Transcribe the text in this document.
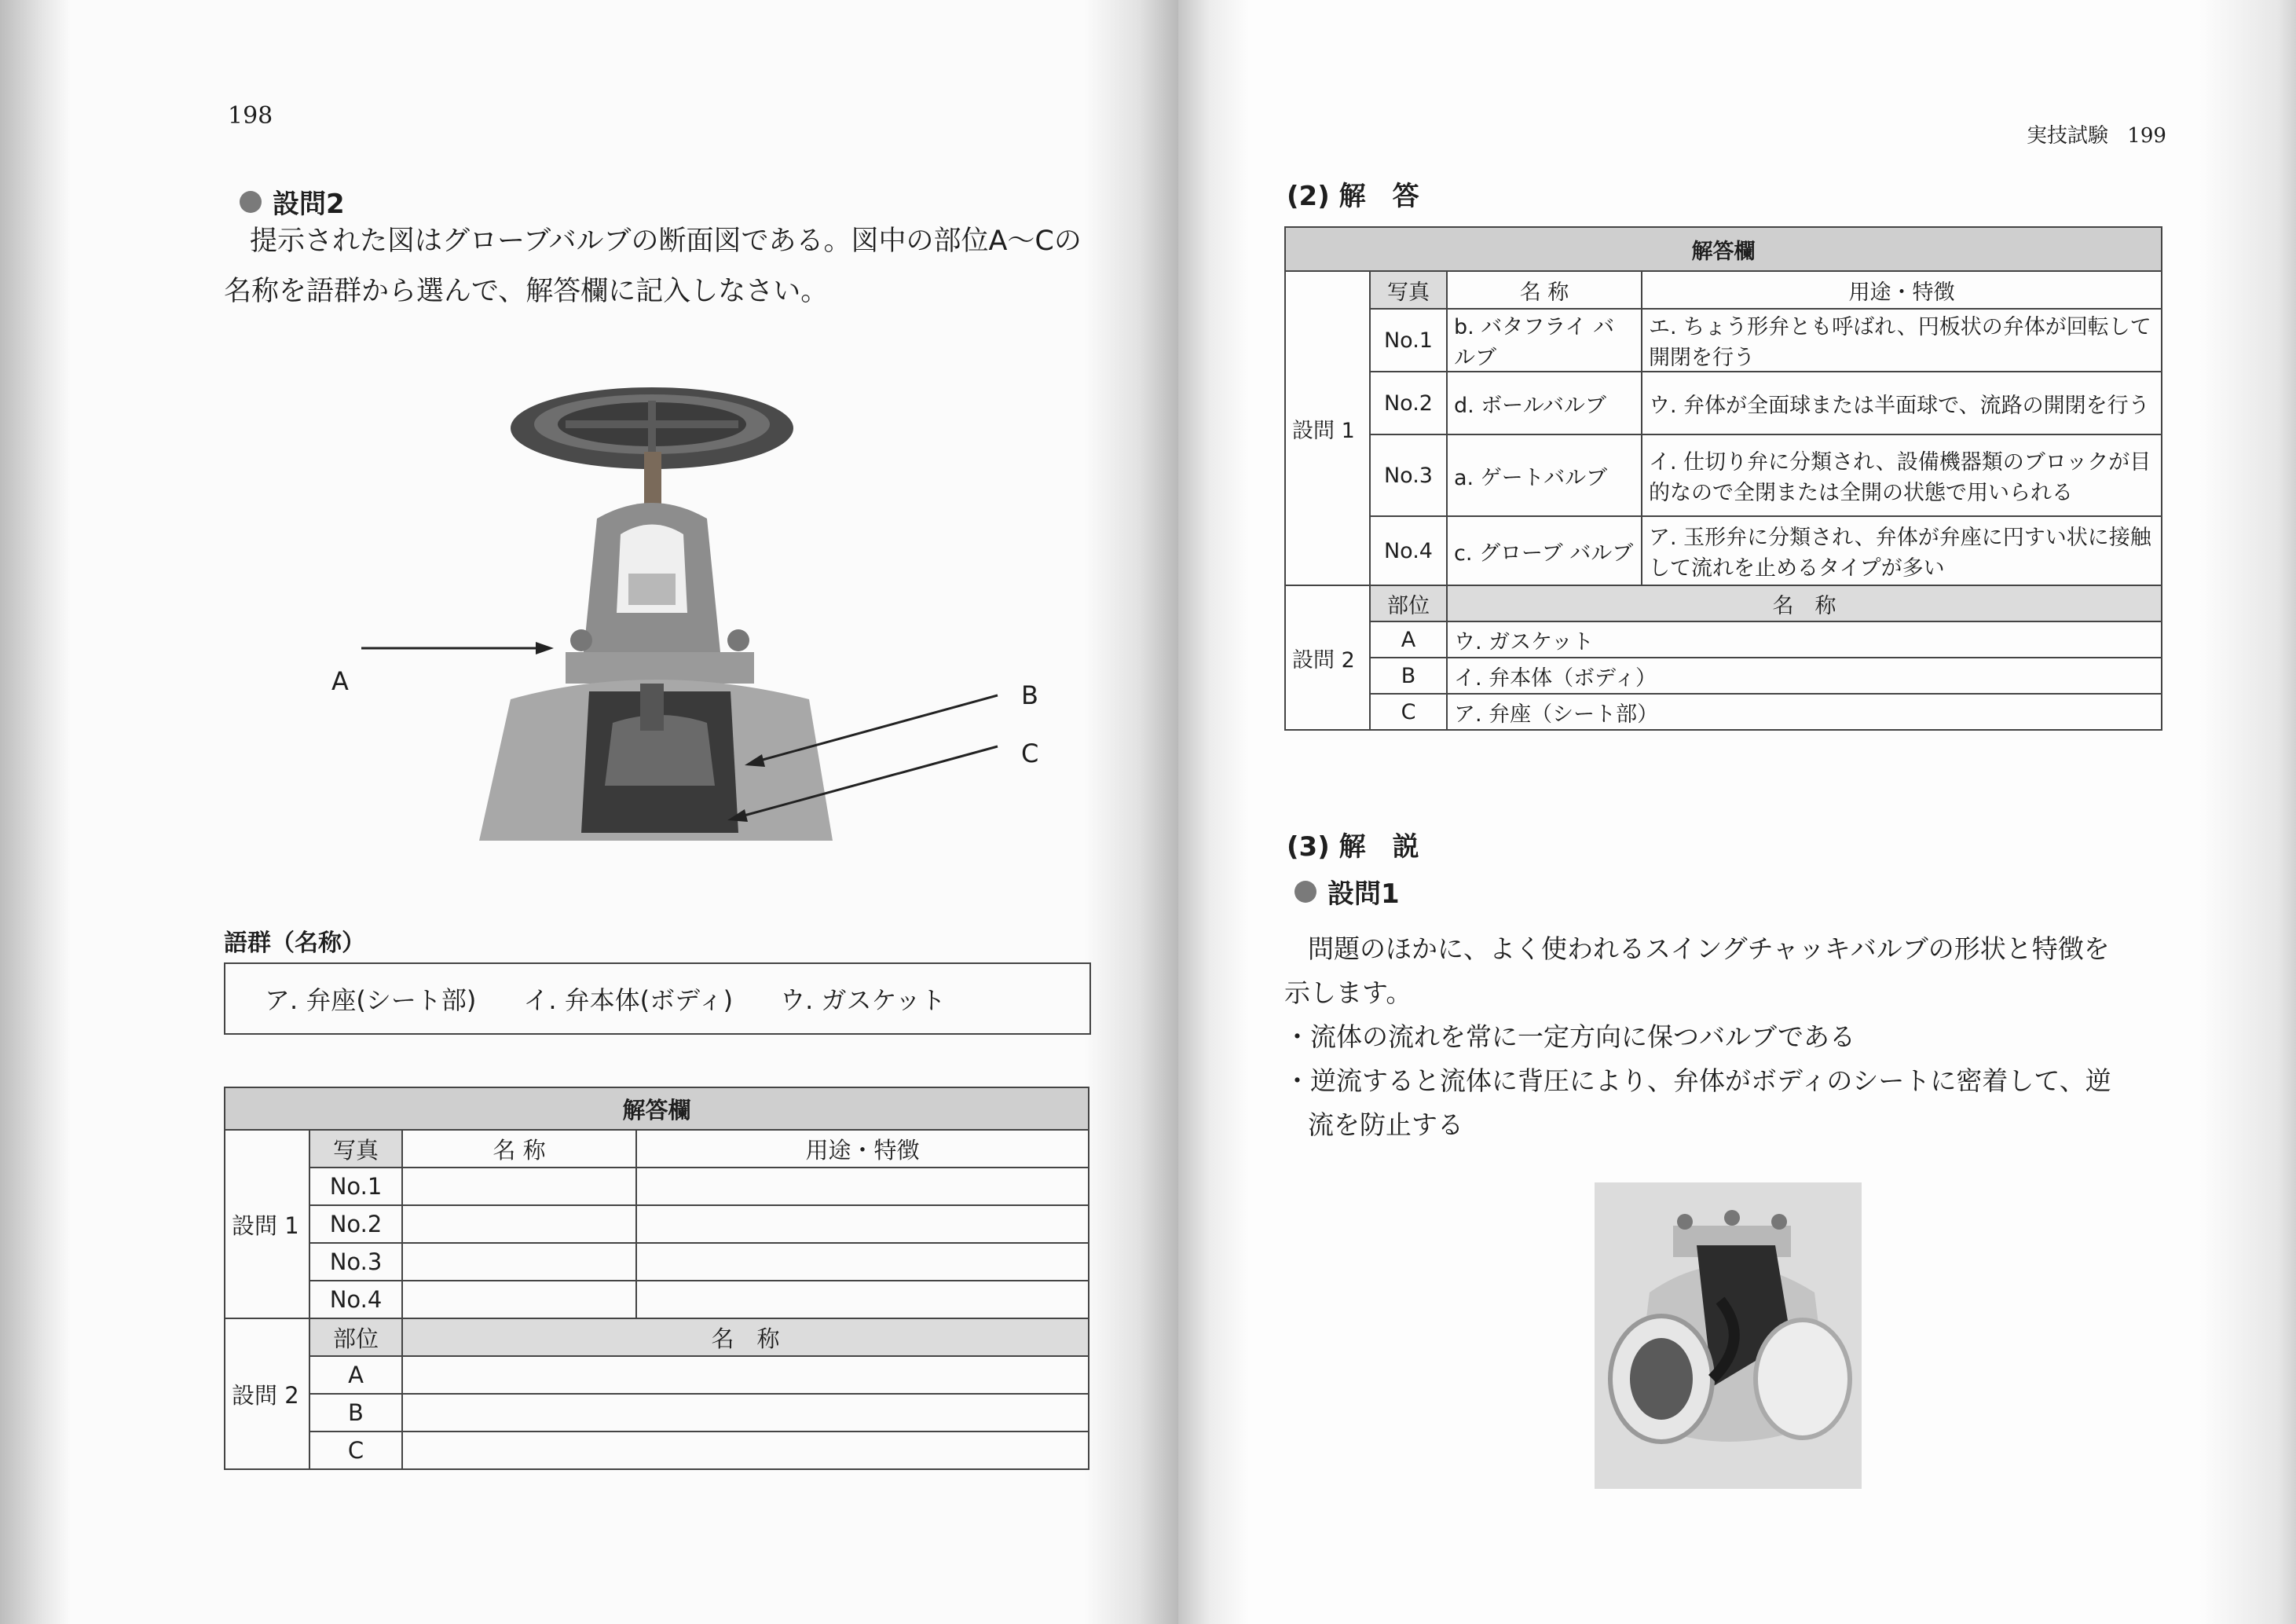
198
設問2
提示された図はグローブバルブの断面図である。図中の部位A～Cの
名称を語群から選んで、解答欄に記入しなさい。
A	B
C
語群（名称）
ア. 弁座(シート部) イ. 弁本体(ボディ) ウ. ガスケット
解答欄			
設問 1	写真	名 称	用途・特徴
	No.1		
	No.2		
	No.3		
	No.4		
設問 2	部位	名　称	
	A		
	B		
	C		
実技試験 199
(2) 解　答
解答欄			
設問 1	写真	名 称	用途・特徴
	No.1	b. バタフライ バルブ	エ. ちょう形弁とも呼ばれ、円板状の弁体が回転して開閉を行う
	No.2	d. ボールバルブ	ウ. 弁体が全面球または半面球で、流路の開閉を行う
	No.3	a. ゲートバルブ	イ. 仕切り弁に分類され、設備機器類のブロックが目的なので全閉または全開の状態で用いられる
	No.4	c. グローブ バルブ	ア. 玉形弁に分類され、弁体が弁座に円すい状に接触して流れを止めるタイプが多い
設問 2	部位	名　称	
	A	ウ. ガスケット	
	B	イ. 弁本体（ボディ）	
	C	ア. 弁座（シート部）	
(3) 解　説
設問1
問題のほかに、よく使われるスイングチャッキバルブの形状と特徴を
示します。
・流体の流れを常に一定方向に保つバルブである
・逆流すると流体に背圧により、弁体がボディのシートに密着して、逆
流を防止する
